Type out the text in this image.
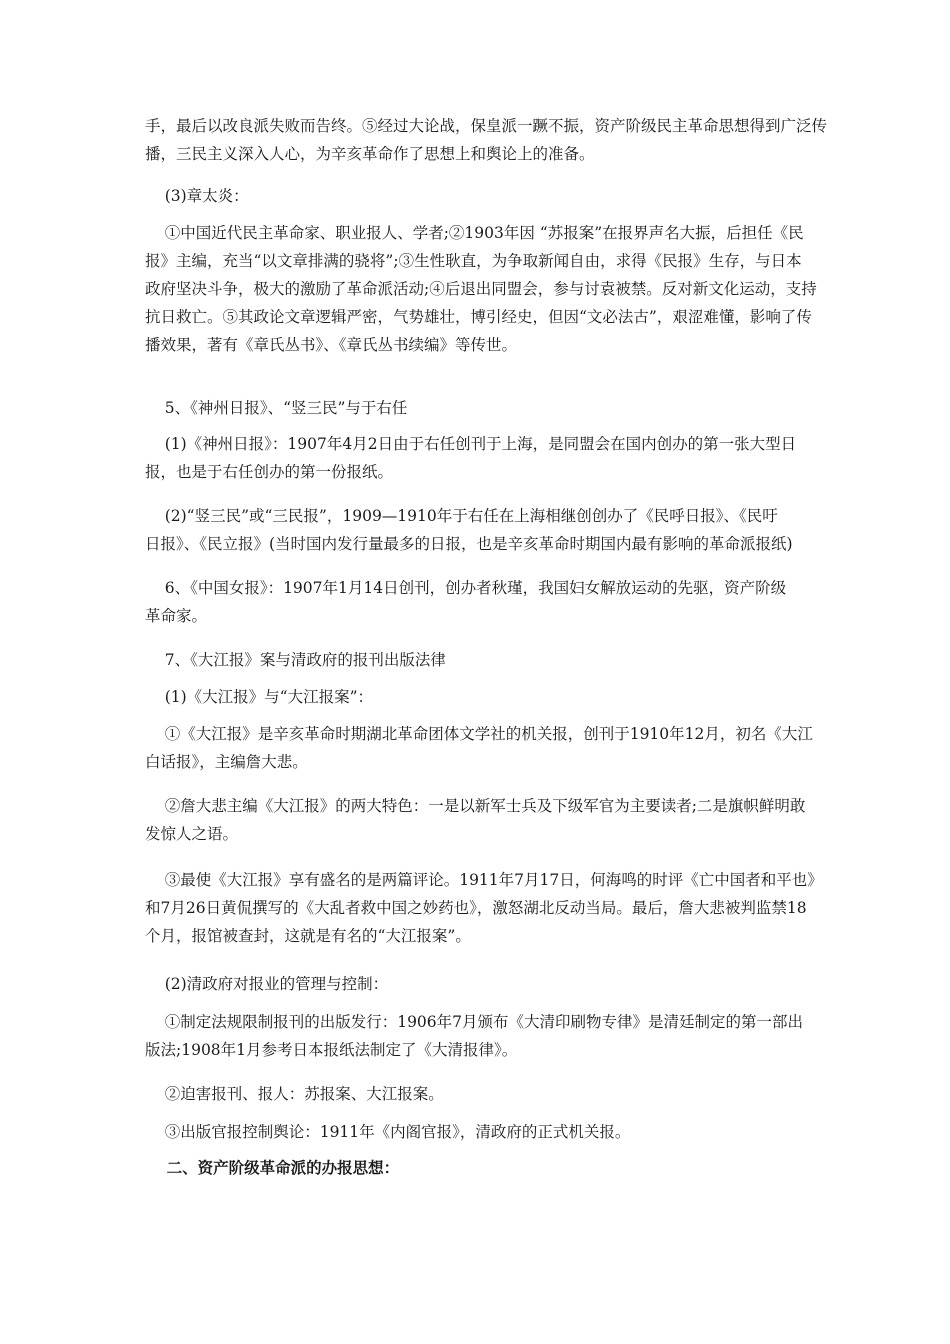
手，最后以改良派失败而告终。⑤经过大论战，保皇派一蹶不振，资产阶级民主革命思想得到广泛传
播，三民主义深入人心，为辛亥革命作了思想上和舆论上的准备。

(3)章太炎：

①中国近代民主革命家、职业报人、学者;②1903年因 “苏报案”在报界声名大振，后担任《民
报》主编，充当“以文章排满的骁将”;③生性耿直，为争取新闻自由，求得《民报》生存，与日本
政府坚决斗争，极大的激励了革命派活动;④后退出同盟会，参与讨袁被禁。反对新文化运动，支持
抗日救亡。⑤其政论文章逻辑严密，气势雄壮，博引经史，但因“文必法古”，艰涩难懂，影响了传
播效果，著有《章氏丛书》、《章氏丛书续编》等传世。

5、《神州日报》、“竖三民”与于右任

(1)《神州日报》：1907年4月2日由于右任创刊于上海，是同盟会在国内创办的第一张大型日
报，也是于右任创办的第一份报纸。

(2)“竖三民”或“三民报”，1909—1910年于右任在上海相继创创办了《民呼日报》、《民吁
日报》、《民立报》(当时国内发行量最多的日报，也是辛亥革命时期国内最有影响的革命派报纸)

6、《中国女报》：1907年1月14日创刊，创办者秋瑾，我国妇女解放运动的先驱，资产阶级
革命家。

7、《大江报》案与清政府的报刊出版法律

(1)《大江报》与“大江报案”：

①《大江报》是辛亥革命时期湖北革命团体文学社的机关报，创刊于1910年12月，初名《大江
白话报》，主编詹大悲。

②詹大悲主编《大江报》的两大特色：一是以新军士兵及下级军官为主要读者;二是旗帜鲜明敢
发惊人之语。

③最使《大江报》享有盛名的是两篇评论。1911年7月17日，何海鸣的时评《亡中国者和平也》
和7月26日黄侃撰写的《大乱者救中国之妙药也》，激怒湖北反动当局。最后，詹大悲被判监禁18
个月，报馆被查封，这就是有名的“大江报案”。

(2)清政府对报业的管理与控制：

①制定法规限制报刊的出版发行：1906年7月颁布《大清印刷物专律》是清廷制定的第一部出
版法;1908年1月参考日本报纸法制定了《大清报律》。

②迫害报刊、报人：苏报案、大江报案。

③出版官报控制舆论：1911年《内阁官报》，清政府的正式机关报。

二、资产阶级革命派的办报思想：
